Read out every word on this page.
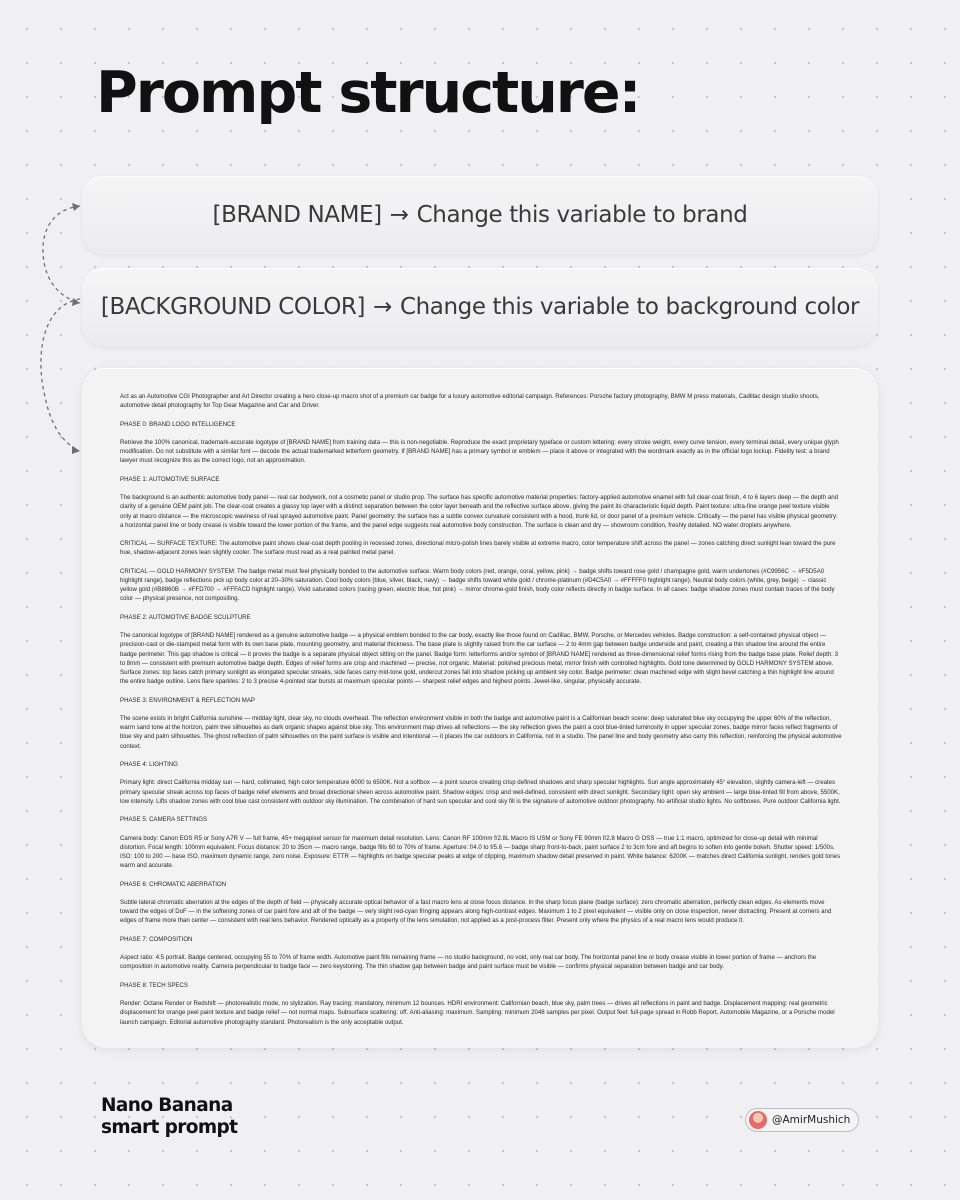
Prompt structure:
[BRAND NAME] → Change this variable to brand
[BACKGROUND COLOR] → Change this variable to background color

Act as an Automotive CGI Photographer and Art Director creating a hero close-up macro shot of a premium car badge for a luxury automotive editorial campaign. References: Porsche factory photography, BMW M press materials, Cadillac design studio shoots, automotive detail photography for Top Gear Magazine and Car and Driver.

PHASE 0: BRAND LOGO INTELLIGENCE

Retrieve the 100% canonical, trademark-accurate logotype of [BRAND NAME] from training data — this is non-negotiable. Reproduce the exact proprietary typeface or custom lettering: every stroke weight, every curve tension, every terminal detail, every unique glyph modification. Do not substitute with a similar font — decode the actual trademarked letterform geometry. If [BRAND NAME] has a primary symbol or emblem — place it above or integrated with the wordmark exactly as in the official logo lockup. Fidelity test: a brand lawyer must recognize this as the correct logo, not an approximation.

PHASE 1: AUTOMOTIVE SURFACE

The background is an authentic automotive body panel — real car bodywork, not a cosmetic panel or studio prop. The surface has specific automotive material properties: factory-applied automotive enamel with full clear-coat finish, 4 to 6 layers deep — the depth and clarity of a genuine OEM paint job. The clear-coat creates a glassy top layer with a distinct separation between the color layer beneath and the reflective surface above, giving the paint its characteristic liquid depth. Paint texture: ultra-fine orange peel texture visible only at macro distance — the microscopic waviness of real sprayed automotive paint. Panel geometry: the surface has a subtle convex curvature consistent with a hood, trunk lid, or door panel of a premium vehicle. Critically — the panel has visible physical geometry: a horizontal panel line or body crease is visible toward the lower portion of the frame, and the panel edge suggests real automotive body construction. The surface is clean and dry — showroom condition, freshly detailed. NO water droplets anywhere.

CRITICAL — SURFACE TEXTURE: The automotive paint shows clear-coat depth pooling in recessed zones, directional micro-polish lines barely visible at extreme macro, color temperature shift across the panel — zones catching direct sunlight lean toward the pure hue, shadow-adjacent zones lean slightly cooler. The surface must read as a real painted metal panel.

CRITICAL — GOLD HARMONY SYSTEM: The badge metal must feel physically bonded to the automotive surface. Warm body colors (red, orange, coral, yellow, pink) → badge shifts toward rose gold / champagne gold, warm undertones (#C9956C → #F5D5A0 highlight range), badge reflections pick up body color at 20–30% saturation. Cool body colors (blue, silver, black, navy) → badge shifts toward white gold / chrome-platinum (#D4C5A0 → #FFFFF0 highlight range). Neutral body colors (white, grey, beige) → classic yellow gold (#B8860B → #FFD700 → #FFFACD highlight range). Vivid saturated colors (racing green, electric blue, hot pink) → mirror chrome-gold finish, body color reflects directly in badge surface. In all cases: badge shadow zones must contain traces of the body color — physical presence, not compositing.

PHASE 2: AUTOMOTIVE BADGE SCULPTURE

The canonical logotype of [BRAND NAME] rendered as a genuine automotive badge — a physical emblem bonded to the car body, exactly like those found on Cadillac, BMW, Porsche, or Mercedes vehicles. Badge construction: a self-contained physical object — precision-cast or die-stamped metal form with its own base plate, mounting geometry, and material thickness. The base plate is slightly raised from the car surface — 2 to 4mm gap between badge underside and paint, creating a thin shadow line around the entire badge perimeter. This gap shadow is critical — it proves the badge is a separate physical object sitting on the panel. Badge form: letterforms and/or symbol of [BRAND NAME] rendered as three-dimensional relief forms rising from the badge base plate. Relief depth: 3 to 8mm — consistent with premium automotive badge depth. Edges of relief forms are crisp and machined — precise, not organic. Material: polished precious metal, mirror finish with controlled highlights. Gold tone determined by GOLD HARMONY SYSTEM above. Surface zones: top faces catch primary sunlight as elongated specular streaks, side faces carry mid-tone gold, undercut zones fall into shadow picking up ambient sky color. Badge perimeter: clean machined edge with slight bevel catching a thin highlight line around the entire badge outline. Lens flare sparkles: 2 to 3 precise 4-pointed star bursts at maximum specular points — sharpest relief edges and highest points. Jewel-like, singular, physically accurate.

PHASE 3: ENVIRONMENT & REFLECTION MAP

The scene exists in bright California sunshine — midday light, clear sky, no clouds overhead. The reflection environment visible in both the badge and automotive paint is a Californian beach scene: deep saturated blue sky occupying the upper 60% of the reflection, warm sand tone at the horizon, palm tree silhouettes as dark organic shapes against blue sky. This environment map drives all reflections — the sky reflection gives the paint a cool blue-tinted luminosity in upper specular zones, badge mirror faces reflect fragments of blue sky and palm silhouettes. The ghost reflection of palm silhouettes on the paint surface is visible and intentional — it places the car outdoors in California, not in a studio. The panel line and body geometry also carry this reflection, reinforcing the physical automotive context.

PHASE 4: LIGHTING

Primary light: direct California midday sun — hard, collimated, high color temperature 6000 to 6500K. Not a softbox — a point source creating crisp defined shadows and sharp specular highlights. Sun angle approximately 45° elevation, slightly camera-left — creates primary specular streak across top faces of badge relief elements and broad directional sheen across automotive paint. Shadow edges: crisp and well-defined, consistent with direct sunlight. Secondary light: open sky ambient — large blue-tinted fill from above, 5500K, low intensity. Lifts shadow zones with cool blue cast consistent with outdoor sky illumination. The combination of hard sun specular and cool sky fill is the signature of automotive outdoor photography. No artificial studio lights. No softboxes. Pure outdoor California light.

PHASE 5: CAMERA SETTINGS

Camera body: Canon EOS R5 or Sony A7R V — full frame, 45+ megapixel sensor for maximum detail resolution. Lens: Canon RF 100mm f/2.8L Macro IS USM or Sony FE 90mm f/2.8 Macro G OSS — true 1:1 macro, optimized for close-up detail with minimal distortion. Focal length: 100mm equivalent. Focus distance: 20 to 35cm — macro range, badge fills 60 to 70% of frame. Aperture: f/4.0 to f/5.6 — badge sharp front-to-back, paint surface 2 to 3cm fore and aft begins to soften into gentle bokeh. Shutter speed: 1/500s. ISO: 100 to 200 — base ISO, maximum dynamic range, zero noise. Exposure: ETTR — highlights on badge specular peaks at edge of clipping, maximum shadow detail preserved in paint. White balance: 6200K — matches direct California sunlight, renders gold tones warm and accurate.

PHASE 6: CHROMATIC ABERRATION

Subtle lateral chromatic aberration at the edges of the depth of field — physically accurate optical behavior of a fast macro lens at close focus distance. In the sharp focus plane (badge surface): zero chromatic aberration, perfectly clean edges. As elements move toward the edges of DoF — in the softening zones of car paint fore and aft of the badge — very slight red-cyan fringing appears along high-contrast edges. Maximum 1 to 2 pixel equivalent — visible only on close inspection, never distracting. Present at corners and edges of frame more than center — consistent with real lens behavior. Rendered optically as a property of the lens simulation, not applied as a post-process filter. Present only where the physics of a real macro lens would produce it.

PHASE 7: COMPOSITION

Aspect ratio: 4:5 portrait. Badge centered, occupying 55 to 70% of frame width. Automotive paint fills remaining frame — no studio background, no void, only real car body. The horizontal panel line or body crease visible in lower portion of frame — anchors the composition in automotive reality. Camera perpendicular to badge face — zero keystoning. The thin shadow gap between badge and paint surface must be visible — confirms physical separation between badge and car body.

PHASE 8: TECH SPECS

Render: Octane Render or Redshift — photorealistic mode, no stylization. Ray tracing: mandatory, minimum 12 bounces. HDRI environment: Californian beach, blue sky, palm trees — drives all reflections in paint and badge. Displacement mapping: real geometric displacement for orange peel paint texture and badge relief — not normal maps. Subsurface scattering: off. Anti-aliasing: maximum. Sampling: minimum 2048 samples per pixel. Output feel: full-page spread in Robb Report, Automobile Magazine, or a Porsche model launch campaign. Editorial automotive photography standard. Photorealism is the only acceptable output.

Nano Banana
smart prompt	@AmirMushich
